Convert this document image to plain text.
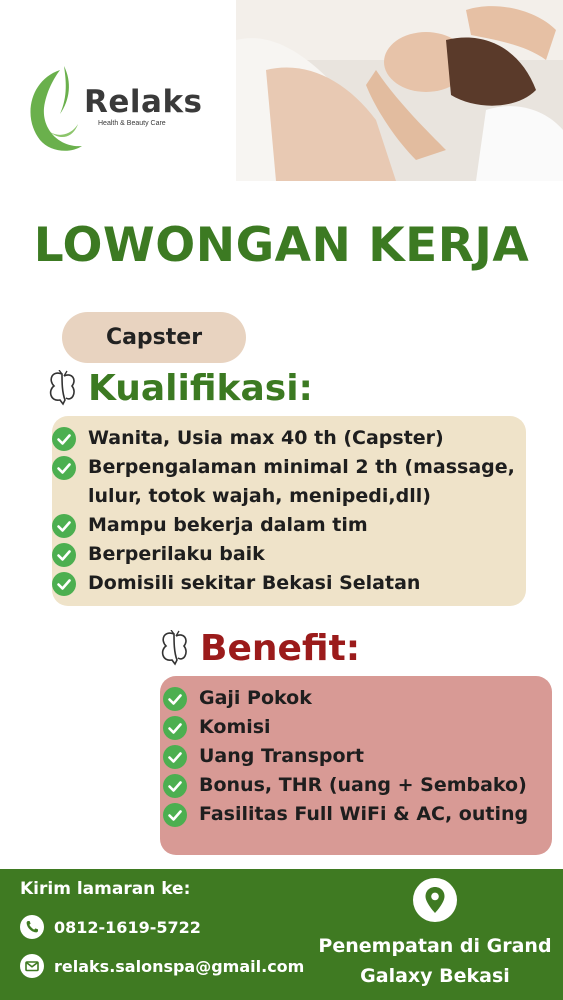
Relaks
Health & Beauty Care
LOWONGAN KERJA
Capster
Kualifikasi:
Wanita, Usia max 40 th (Capster)
Berpengalaman minimal 2 th (massage,
lulur, totok wajah, menipedi,dll)
Mampu bekerja dalam tim
Berperilaku baik
Domisili sekitar Bekasi Selatan
Benefit:
Gaji Pokok
Komisi
Uang Transport
Bonus, THR (uang + Sembako)
Fasilitas Full WiFi & AC, outing
Kirim lamaran ke:
0812-1619-5722
relaks.salonspa@gmail.com
Penempatan di Grand
Galaxy Bekasi
